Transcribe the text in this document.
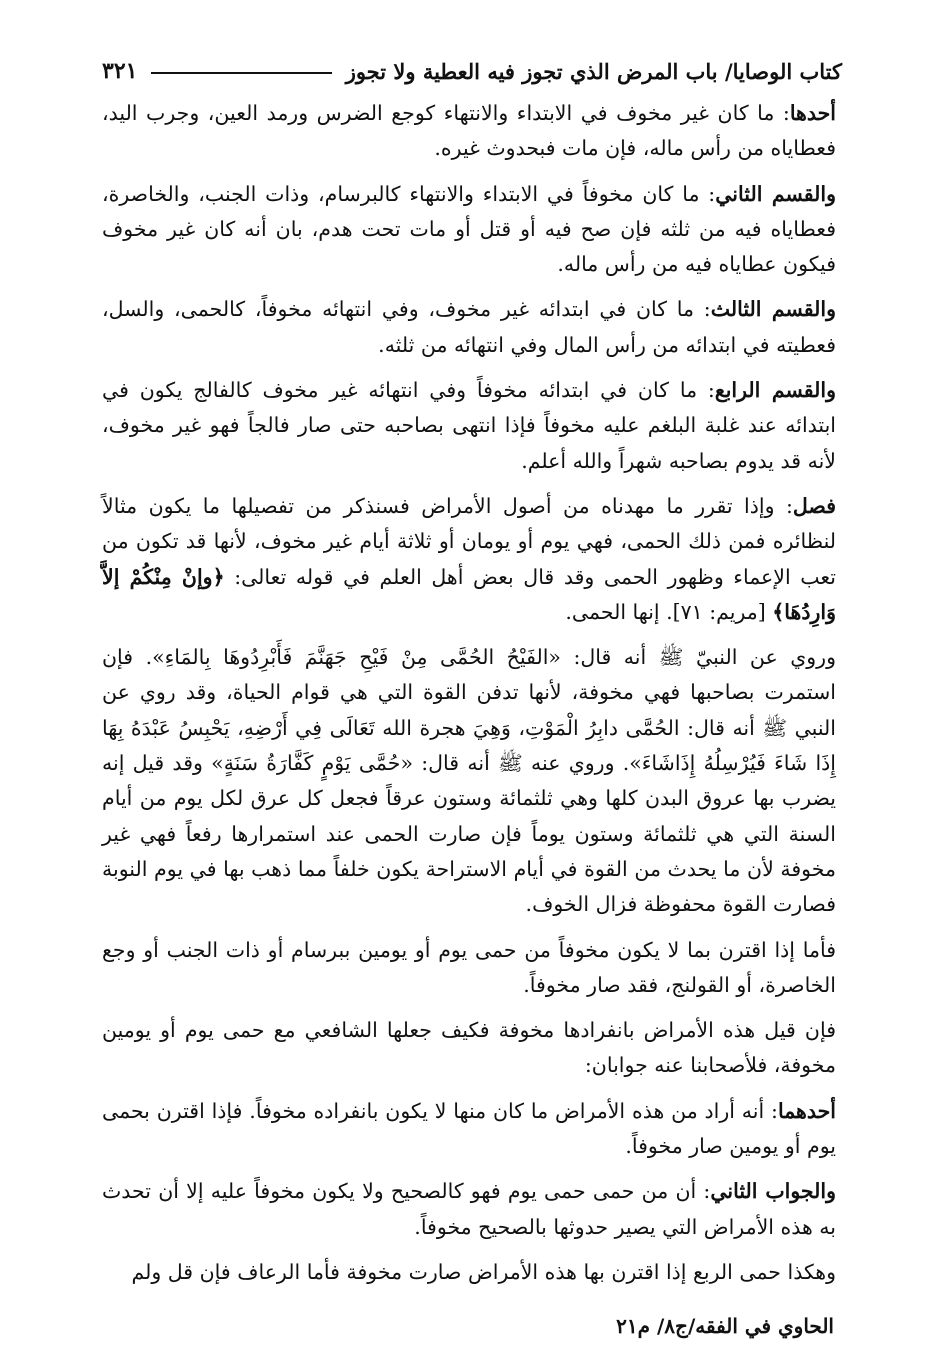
كتاب الوصايا/ باب المرض الذي تجوز فيه العطية ولا تجوز
٣٢١

أحدها: ما كان غير مخوف في الابتداء والانتهاء كوجع الضرس ورمد العين، وجرب اليد، فعطاياه من رأس ماله، فإن مات فبحدوث غيره.

والقسم الثاني: ما كان مخوفاً في الابتداء والانتهاء كالبرسام، وذات الجنب، والخاصرة، فعطاياه فيه من ثلثه فإن صح فيه أو قتل أو مات تحت هدم، بان أنه كان غير مخوف فيكون عطاياه فيه من رأس ماله.

والقسم الثالث: ما كان في ابتدائه غير مخوف، وفي انتهائه مخوفاً، كالحمى، والسل، فعطيته في ابتدائه من رأس المال وفي انتهائه من ثلثه.

والقسم الرابع: ما كان في ابتدائه مخوفاً وفي انتهائه غير مخوف كالفالج يكون في ابتدائه عند غلبة البلغم عليه مخوفاً فإذا انتهى بصاحبه حتى صار فالجاً فهو غير مخوف، لأنه قد يدوم بصاحبه شهراً والله أعلم.

فصل: وإذا تقرر ما مهدناه من أصول الأمراض فسنذكر من تفصيلها ما يكون مثالاً لنظائره فمن ذلك الحمى، فهي يوم أو يومان أو ثلاثة أيام غير مخوف، لأنها قد تكون من تعب الإعماء وظهور الحمى وقد قال بعض أهل العلم في قوله تعالى: ﴿وإنْ مِنْكُمْ إلاَّ وَارِدُهَا﴾ [مريم: ٧١]. إنها الحمى.

وروي عن النبيّ ﷺ أنه قال: «الفَيْحُ الحُمَّى مِنْ فَيْحِ جَهَنَّمَ فَأَبْرِدُوهَا بِالمَاءِ». فإن استمرت بصاحبها فهي مخوفة، لأنها تدفن القوة التي هي قوام الحياة، وقد روي عن النبي ﷺ أنه قال: الحُمَّى دابِرُ الْمَوْتِ، وَهِيَ هجرة الله تَعَالَى فِي أَرْضِهِ، يَحْبِسُ عَبْدَهُ بِهَا إِذَا شَاءَ فَيُرْسِلُهُ إِذَاشَاءَ». وروي عنه ﷺ أنه قال: «حُمَّى يَوْمٍ كَفَّارَةُ سَنَةٍ» وقد قيل إنه يضرب بها عروق البدن كلها وهي ثلثمائة وستون عرقاً فجعل كل عرق لكل يوم من أيام السنة التي هي ثلثمائة وستون يوماً فإن صارت الحمى عند استمرارها رفعاً فهي غير مخوفة لأن ما يحدث من القوة في أيام الاستراحة يكون خلفاً مما ذهب بها في يوم النوبة فصارت القوة محفوظة فزال الخوف.

فأما إذا اقترن بما لا يكون مخوفاً من حمى يوم أو يومين ببرسام أو ذات الجنب أو وجع الخاصرة، أو القولنج، فقد صار مخوفاً.

فإن قيل هذه الأمراض بانفرادها مخوفة فكيف جعلها الشافعي مع حمى يوم أو يومين مخوفة، فلأصحابنا عنه جوابان:

أحدهما: أنه أراد من هذه الأمراض ما كان منها لا يكون بانفراده مخوفاً. فإذا اقترن بحمى يوم أو يومين صار مخوفاً.

والجواب الثاني: أن من حمى حمى يوم فهو كالصحيح ولا يكون مخوفاً عليه إلا أن تحدث به هذه الأمراض التي يصير حدوثها بالصحيح مخوفاً.

وهكذا حمى الربع إذا اقترن بها هذه الأمراض صارت مخوفة فأما الرعاف فإن قل ولم

الحاوي في الفقه/ج٨/ م٢١
